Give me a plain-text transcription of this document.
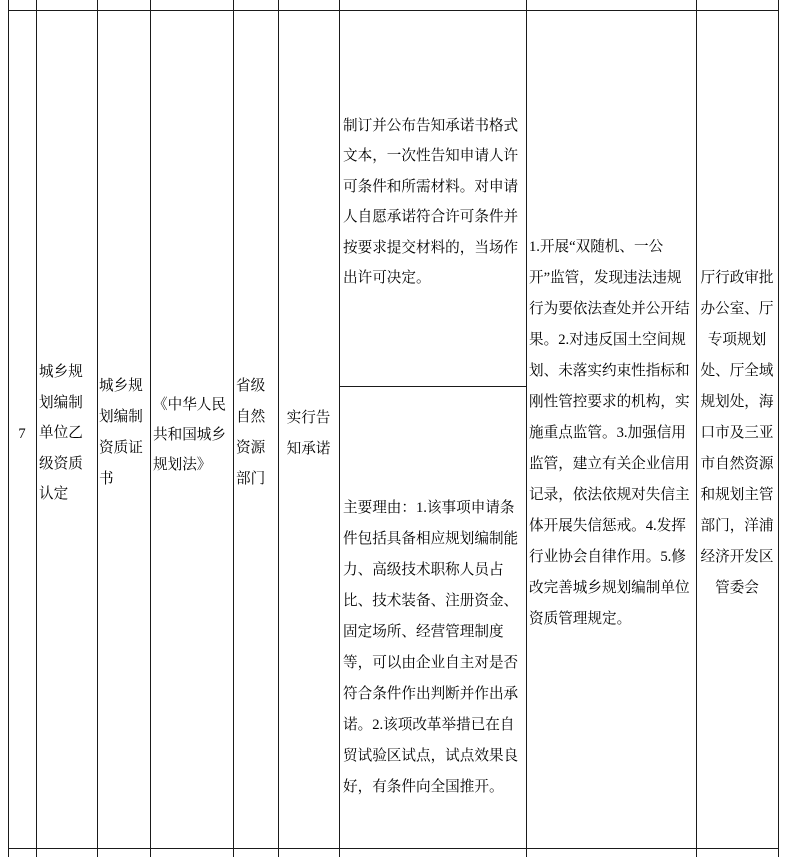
7
城乡规
划编制
单位乙
级资质
认定
城乡规
划编制
资质证
书
《中华人民
共和国城乡
规划法》
省级
自然
资源
部门
实行告
知承诺
制订并公布告知承诺书格式
文本，一次性告知申请人许
可条件和所需材料。对申请
人自愿承诺符合许可条件并
按要求提交材料的，当场作
出许可决定。
主要理由：1.该事项申请条
件包括具备相应规划编制能
力、高级技术职称人员占
比、技术装备、注册资金、
固定场所、经营管理制度
等，可以由企业自主对是否
符合条件作出判断并作出承
诺。2.该项改革举措已在自
贸试验区试点，试点效果良
好，有条件向全国推开。
1.开展“双随机、一公
开”监管，发现违法违规
行为要依法查处并公开结
果。2.对违反国土空间规
划、未落实约束性指标和
刚性管控要求的机构，实
施重点监管。3.加强信用
监管，建立有关企业信用
记录，依法依规对失信主
体开展失信惩戒。4.发挥
行业协会自律作用。5.修
改完善城乡规划编制单位
资质管理规定。
厅行政审批
办公室、厅
专项规划
处、厅全域
规划处，海
口市及三亚
市自然资源
和规划主管
部门，洋浦
经济开发区
管委会
